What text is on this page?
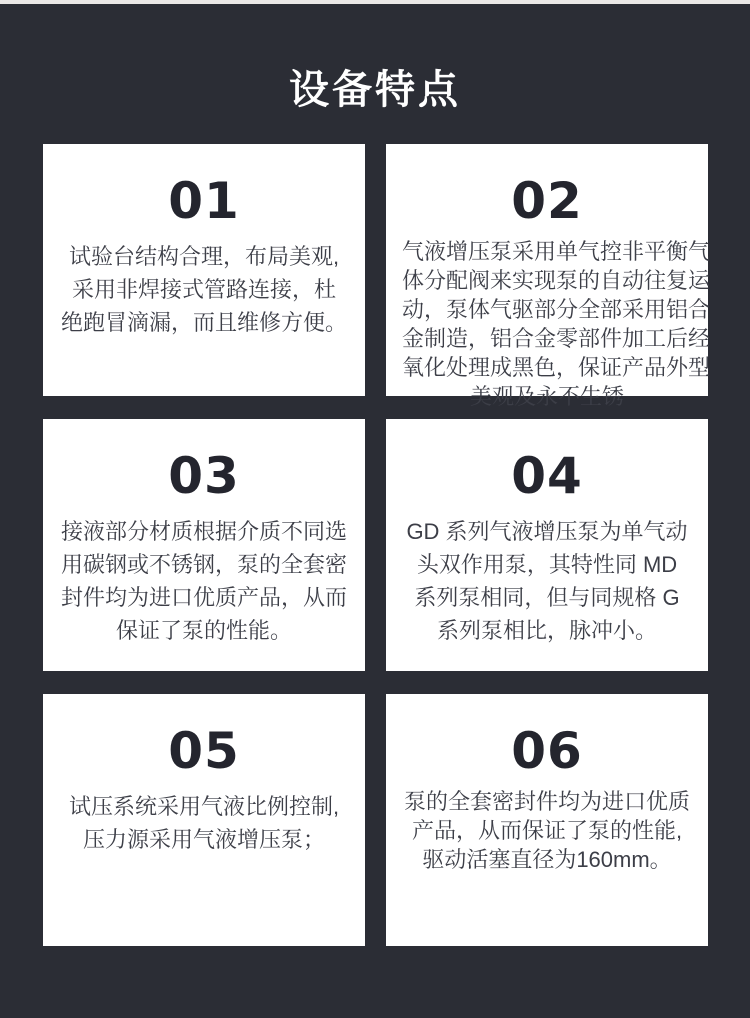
设备特点
01
试验台结构合理，布局美观,
采用非焊接式管路连接，杜
绝跑冒滴漏，而且维修方便。
02
气液增压泵采用单气控非平衡气
体分配阀来实现泵的自动往复运
动，泵体气驱部分全部采用铝合
金制造，铝合金零部件加工后经
氧化处理成黑色，保证产品外型
美观及永不生锈
03
接液部分材质根据介质不同选
用碳钢或不锈钢，泵的全套密
封件均为进口优质产品，从而
保证了泵的性能。
04
GD 系列气液增压泵为单气动
头双作用泵，其特性同 MD
系列泵相同，但与同规格 G
系列泵相比，脉冲小。
05
试压系统采用气液比例控制,
压力源采用气液增压泵；
06
泵的全套密封件均为进口优质
产品，从而保证了泵的性能,
驱动活塞直径为160mm。
